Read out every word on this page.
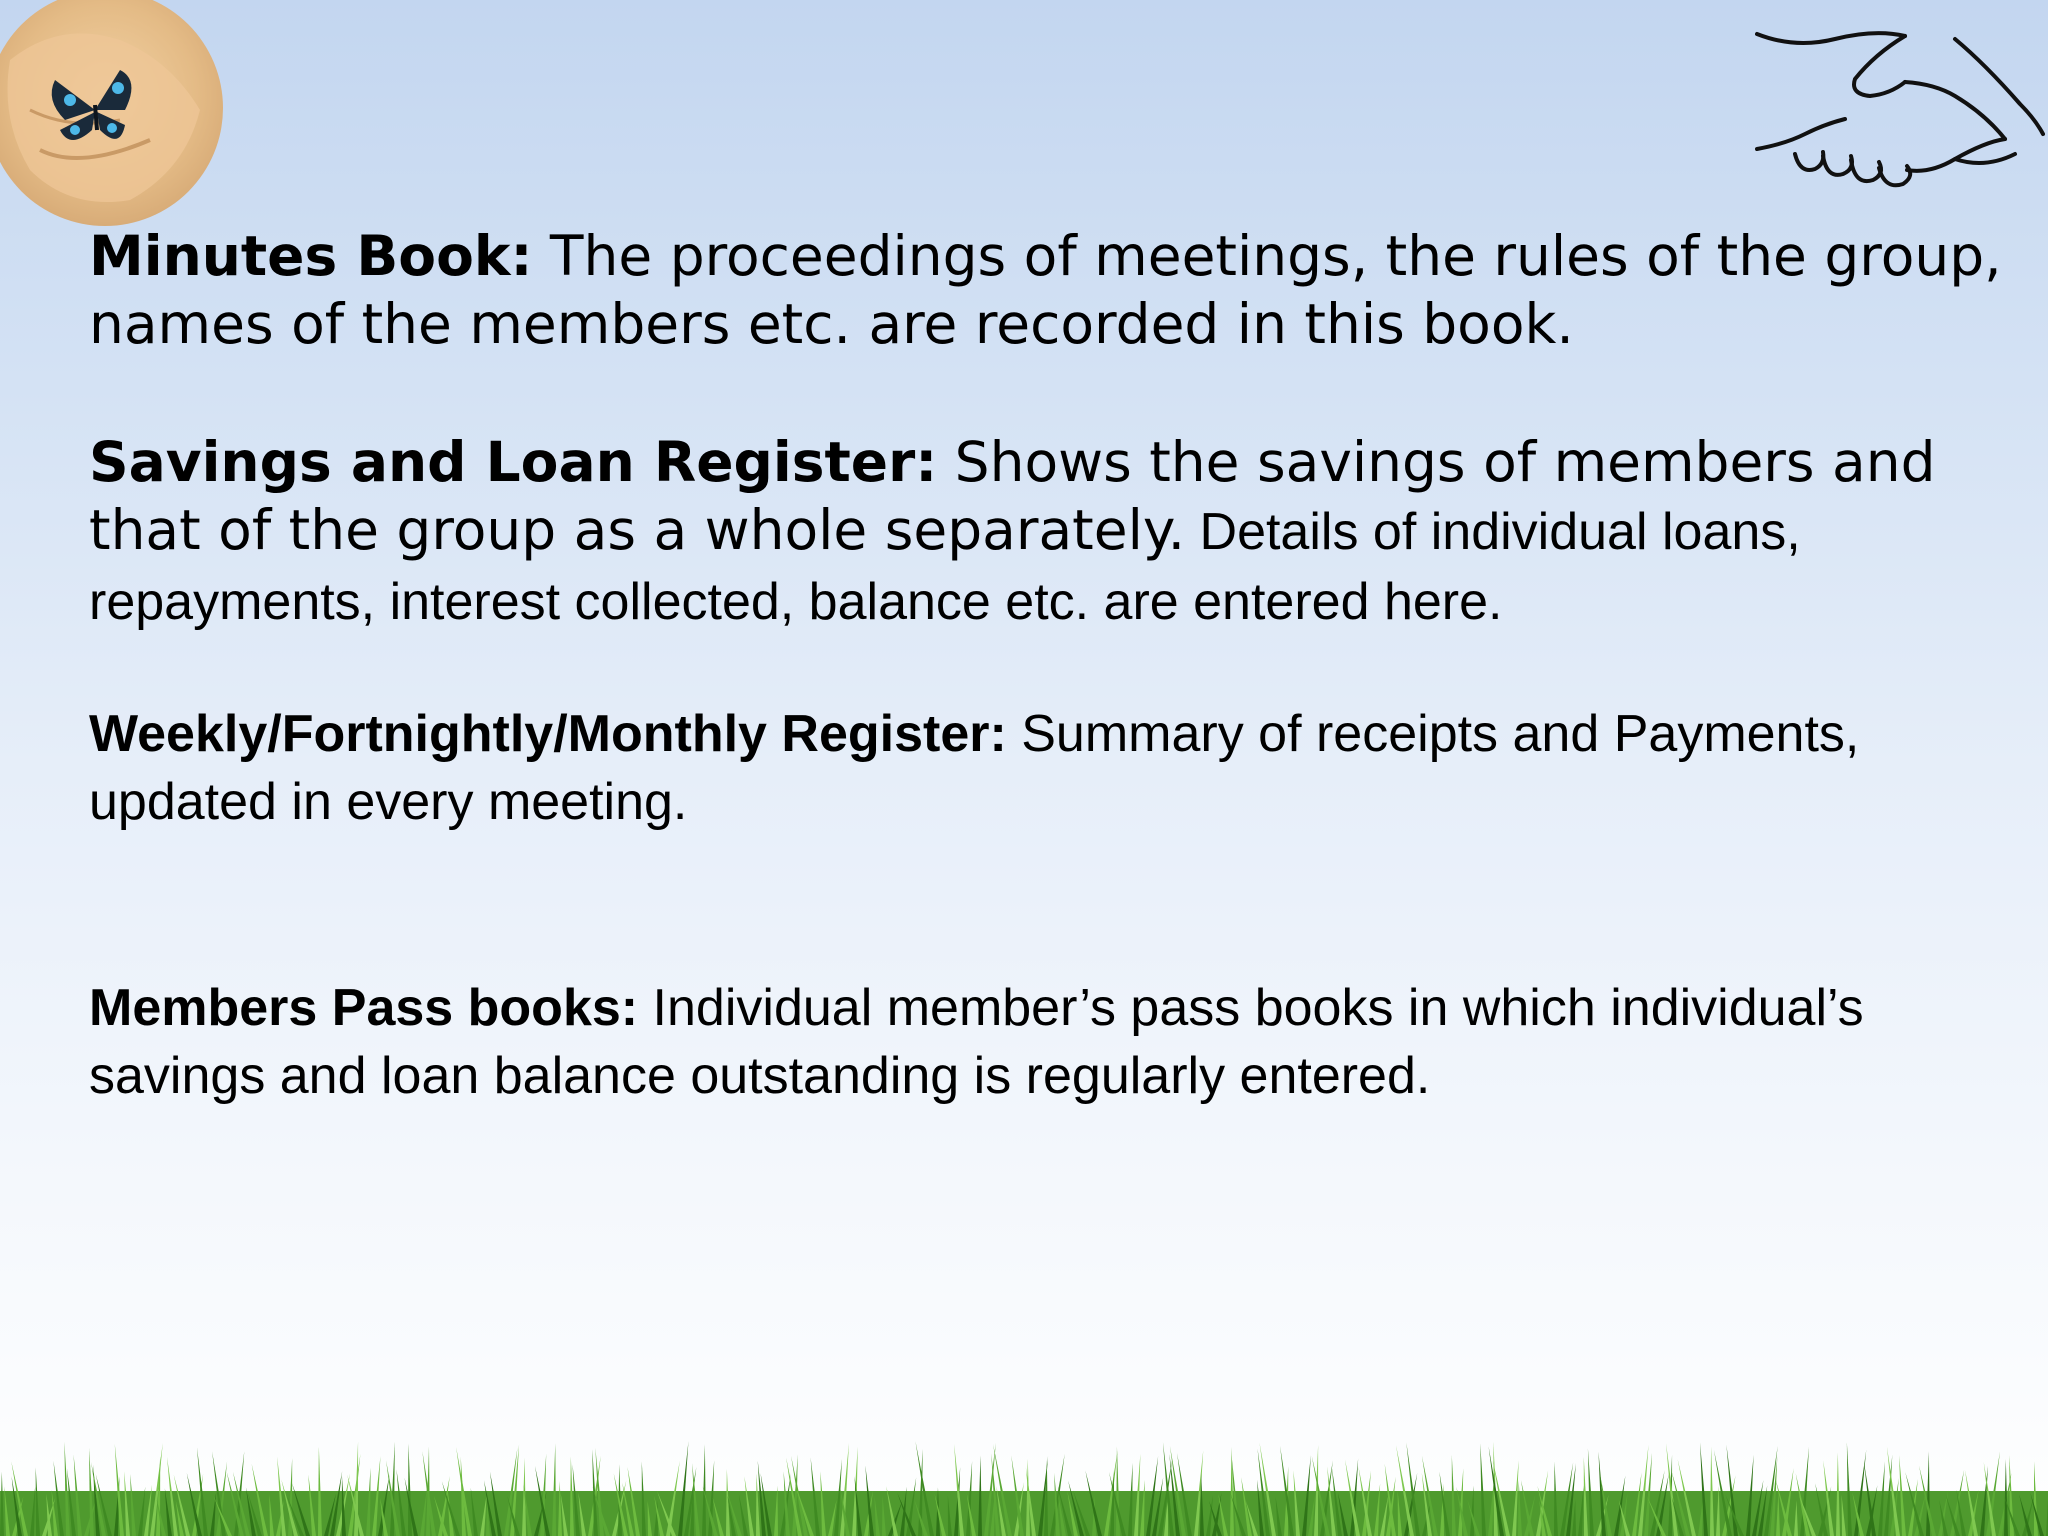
Minutes Book: The proceedings of meetings, the rules of the group, names of the members etc. are recorded in this book.

Savings and Loan Register: Shows the savings of members and that of the group as a whole separately. Details of individual loans, repayments, interest collected, balance etc. are entered here.

Weekly/Fortnightly/Monthly Register: Summary of receipts and Payments, updated in every meeting.

Members Pass books: Individual member’s pass books in which individual’s savings and loan balance outstanding is regularly entered.
